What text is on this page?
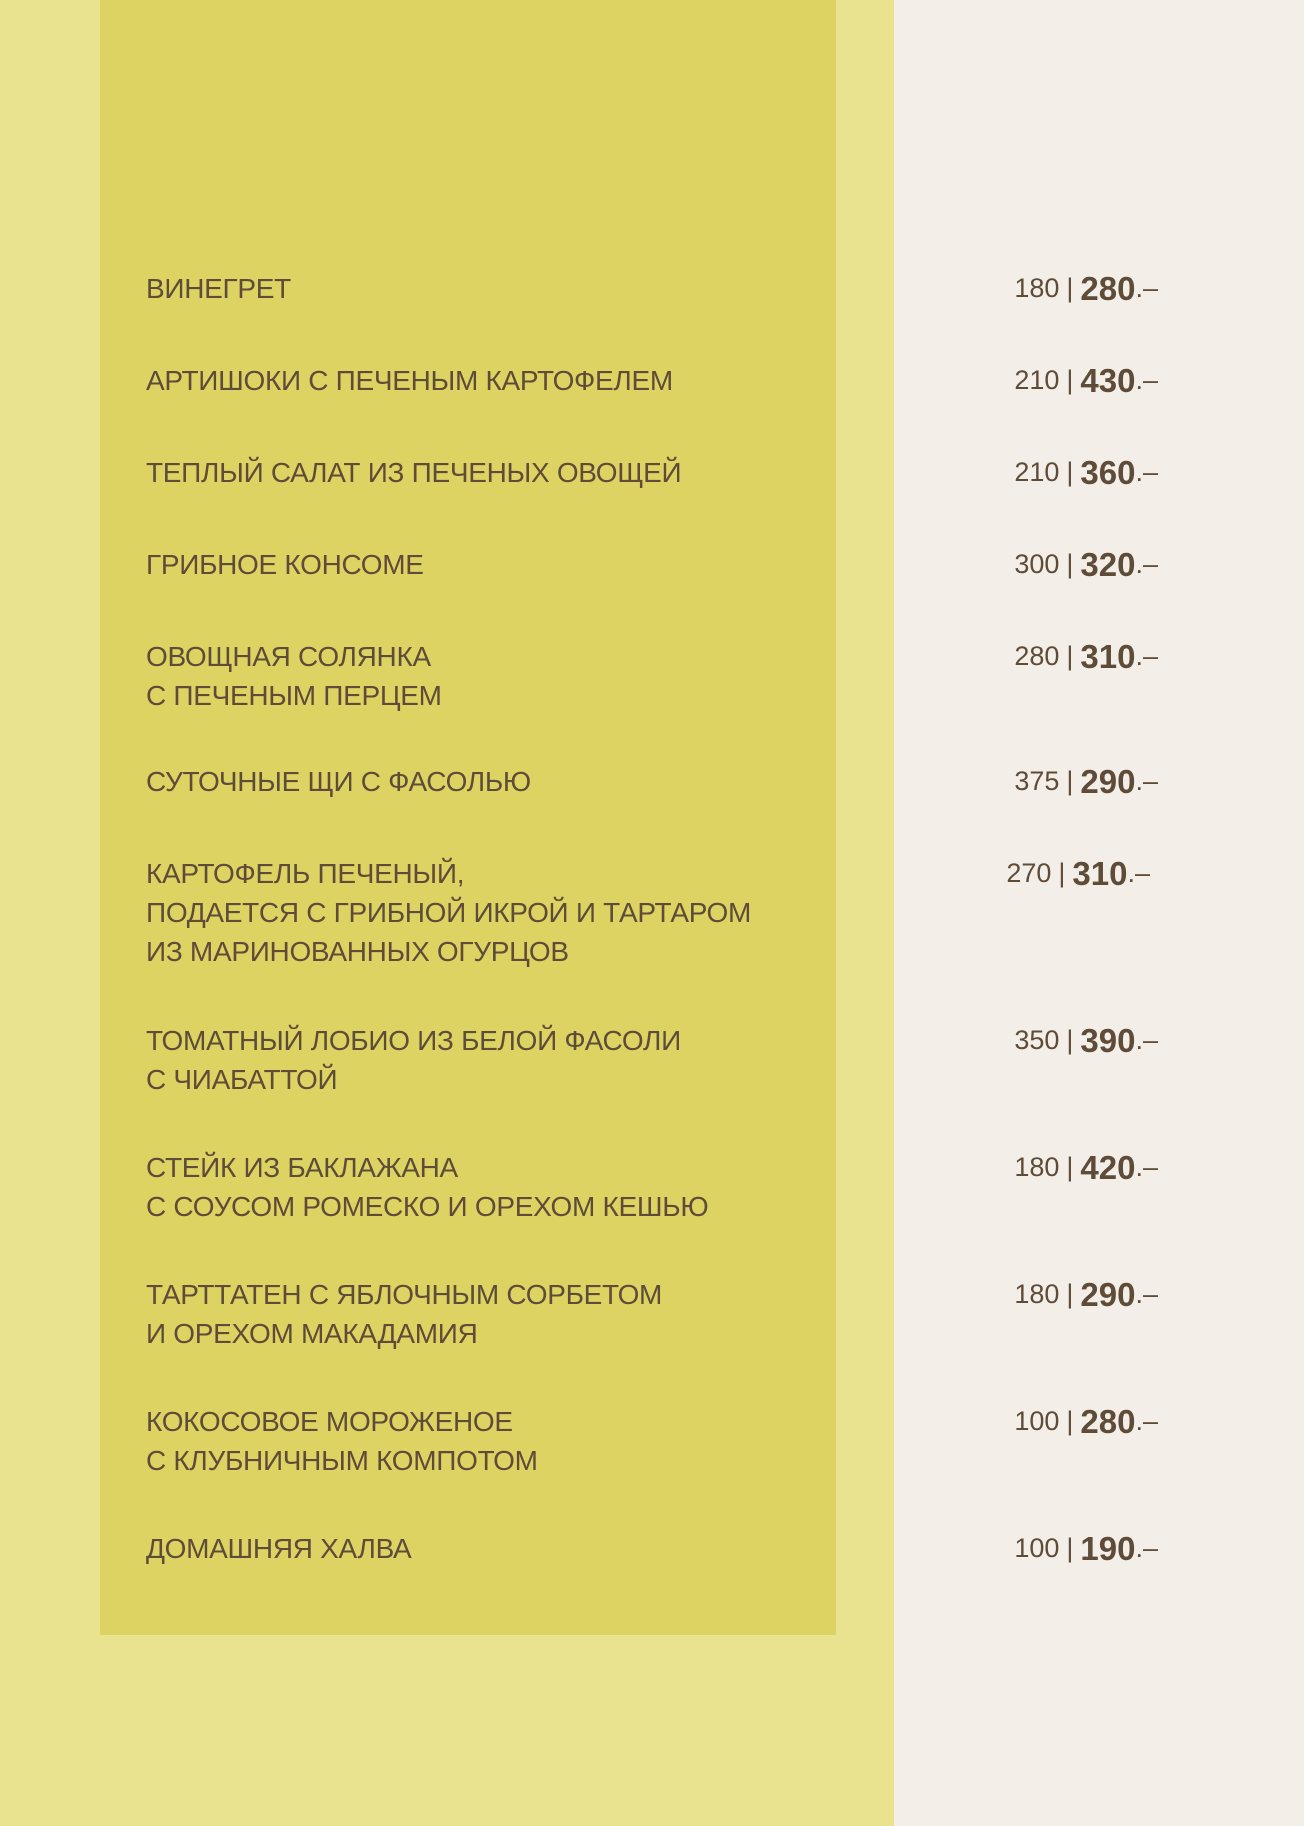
ВИНЕГРЕТ	180 | 280 .–
АРТИШОКИ С ПЕЧЕНЫМ КАРТОФЕЛЕМ	210 | 430 .–
ТЕПЛЫЙ САЛАТ ИЗ ПЕЧЕНЫХ ОВОЩЕЙ	210 | 360 .–
ГРИБНОЕ КОНСОМЕ	300 | 320 .–
ОВОЩНАЯ СОЛЯНКА
С ПЕЧЕНЫМ ПЕРЦЕМ
280 | 310 .–
СУТОЧНЫЕ ЩИ С ФАСОЛЬЮ	375 | 290 .–
КАРТОФЕЛЬ ПЕЧЕНЫЙ,
ПОДАЕТСЯ С ГРИБНОЙ ИКРОЙ И ТАРТАРОМ
ИЗ МАРИНОВАННЫХ ОГУРЦОВ
270 | 310 .–
ТОМАТНЫЙ ЛОБИО ИЗ БЕЛОЙ ФАСОЛИ
С ЧИАБАТТОЙ
350 | 390 .–
СТЕЙК ИЗ БАКЛАЖАНА
С СОУСОМ РОМЕСКО И ОРЕХОМ КЕШЬЮ
180 | 420 .–
ТАРТТАТЕН С ЯБЛОЧНЫМ СОРБЕТОМ
И ОРЕХОМ МАКАДАМИЯ
180 | 290 .–
КОКОСОВОЕ МОРОЖЕНОЕ
С КЛУБНИЧНЫМ КОМПОТОМ
100 | 280 .–
ДОМАШНЯЯ ХАЛВА	100 | 190 .–
